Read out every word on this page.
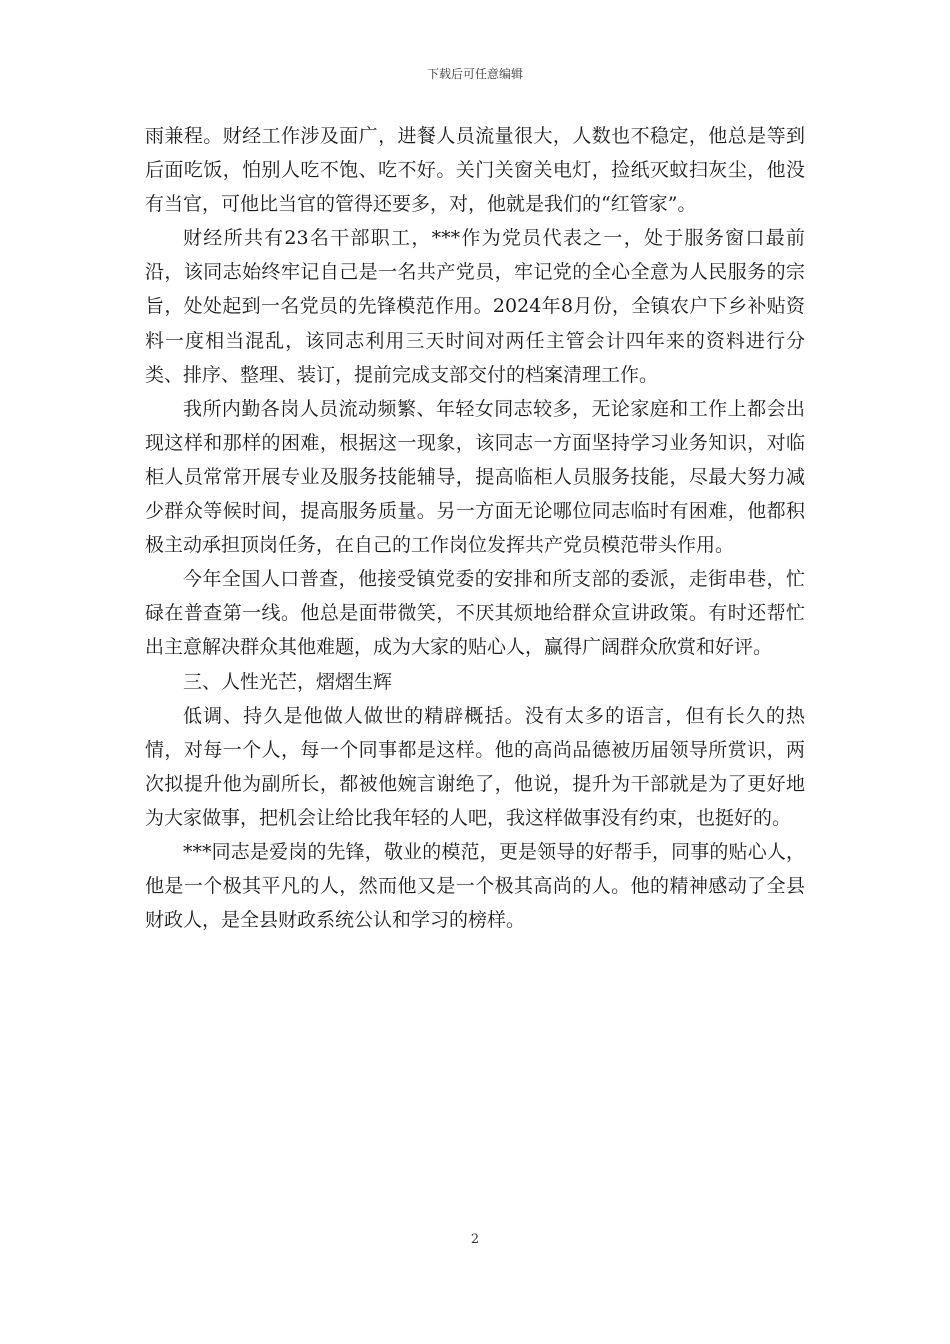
下载后可任意编辑

雨兼程。财经工作涉及面广，进餐人员流量很大，人数也不稳定，他总是等到后面吃饭，怕别人吃不饱、吃不好。关门关窗关电灯，捡纸灭蚊扫灰尘，他没有当官，可他比当官的管得还要多，对，他就是我们的“红管家”。

财经所共有23名干部职工，***作为党员代表之一，处于服务窗口最前沿，该同志始终牢记自己是一名共产党员，牢记党的全心全意为人民服务的宗旨，处处起到一名党员的先锋模范作用。2024年8月份，全镇农户下乡补贴资料一度相当混乱，该同志利用三天时间对两任主管会计四年来的资料进行分类、排序、整理、装订，提前完成支部交付的档案清理工作。

我所内勤各岗人员流动频繁、年轻女同志较多，无论家庭和工作上都会出现这样和那样的困难，根据这一现象，该同志一方面坚持学习业务知识，对临柜人员常常开展专业及服务技能辅导，提高临柜人员服务技能，尽最大努力减少群众等候时间，提高服务质量。另一方面无论哪位同志临时有困难，他都积极主动承担顶岗任务，在自己的工作岗位发挥共产党员模范带头作用。

今年全国人口普查，他接受镇党委的安排和所支部的委派，走街串巷，忙碌在普查第一线。他总是面带微笑，不厌其烦地给群众宣讲政策。有时还帮忙出主意解决群众其他难题，成为大家的贴心人，赢得广阔群众欣赏和好评。

三、人性光芒，熠熠生辉

低调、持久是他做人做世的精辟概括。没有太多的语言，但有长久的热情，对每一个人，每一个同事都是这样。他的高尚品德被历届领导所赏识，两次拟提升他为副所长，都被他婉言谢绝了，他说，提升为干部就是为了更好地为大家做事，把机会让给比我年轻的人吧，我这样做事没有约束，也挺好的。

***同志是爱岗的先锋，敬业的模范，更是领导的好帮手，同事的贴心人，他是一个极其平凡的人，然而他又是一个极其高尚的人。他的精神感动了全县财政人，是全县财政系统公认和学习的榜样。

2
